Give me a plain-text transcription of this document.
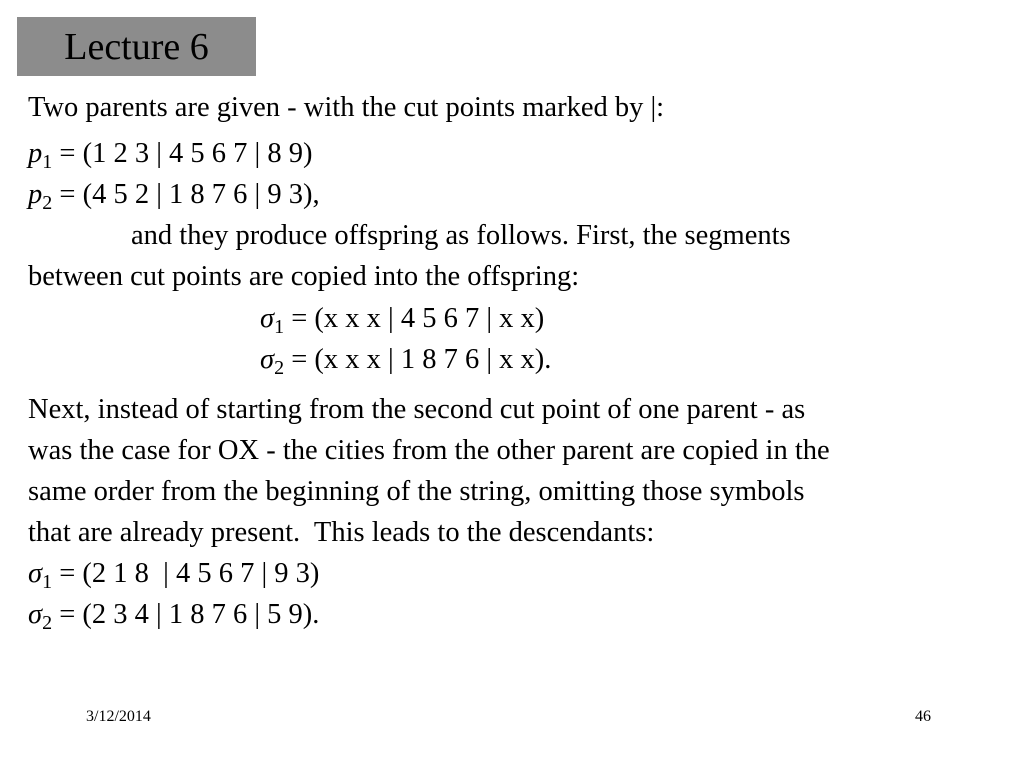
Lecture 6
Two parents are given - with the cut points marked by |:
$p_1 = (1$ 2 3 | 4 5 6 7 | 8 9)
$p_2 = (4$ 5 2 | 1 8 7 6 | 9 3),
and they produce offspring as follows. First, the segments
between cut points are copied into the offspring:
$\sigma_1 = (x$ x x | 4 5 6 7 | x x)
$\sigma_2 = (x$ x x | 1 8 7 6 | x x).
Next, instead of starting from the second cut point of one parent - as
was the case for OX - the cities from the other parent are copied in the
same order from the beginning of the string, omitting those symbols
that are already present.  This leads to the descendants:
$\sigma_1 = (2$ 1 8  | 4 5 6 7 | 9 3)
$\sigma_2 = (2$ 3 4 | 1 8 7 6 | 5 9).
3/12/2014	46
